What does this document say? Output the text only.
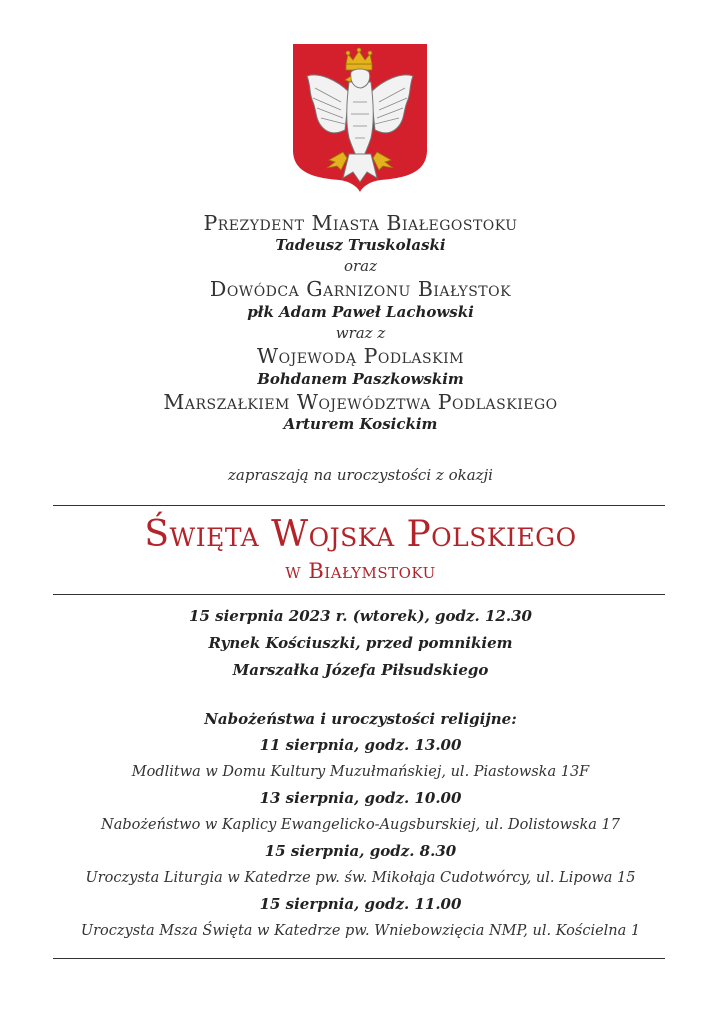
Prezydent Miasta Białegostoku
Tadeusz Truskolaski
oraz
Dowódca Garnizonu Białystok
płk Adam Paweł Lachowski
wraz z
Wojewodą Podlaskim
Bohdanem Paszkowskim
Marszałkiem Województwa Podlaskiego
Arturem Kosickim
zapraszają na uroczystości z okazji
Święta Wojska Polskiego
w Białymstoku
15 sierpnia 2023 r. (wtorek), godz. 12.30
Rynek Kościuszki, przed pomnikiem
Marszałka Józefa Piłsudskiego
Nabożeństwa i uroczystości religijne:
11 sierpnia, godz. 13.00
Modlitwa w Domu Kultury Muzułmańskiej, ul. Piastowska 13F
13 sierpnia, godz. 10.00
Nabożeństwo w Kaplicy Ewangelicko-Augsburskiej, ul. Dolistowska 17
15 sierpnia, godz. 8.30
Uroczysta Liturgia w Katedrze pw. św. Mikołaja Cudotwórcy, ul. Lipowa 15
15 sierpnia, godz. 11.00
Uroczysta Msza Święta w Katedrze pw. Wniebowzięcia NMP, ul. Kościelna 1
